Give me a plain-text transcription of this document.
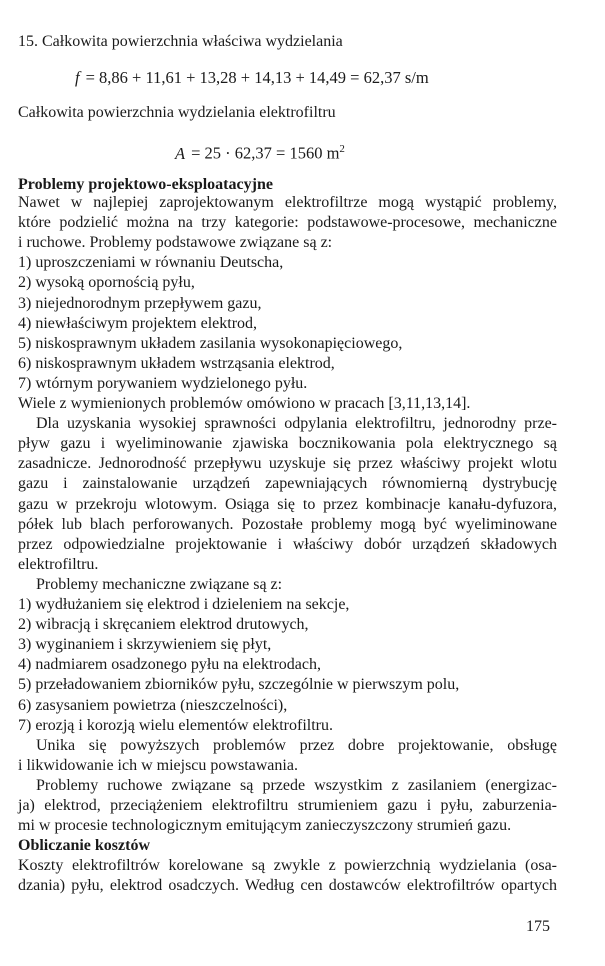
15. Całkowita powierzchnia właściwa wydzielania
f = 8,86 + 11,61 + 13,28 + 14,13 + 14,49 = 62,37 s/m
Całkowita powierzchnia wydzielania elektrofiltru
A = 25 · 62,37 = 1560 $m^2$
Problemy projektowo-eksploatacyjne
Nawet w najlepiej zaprojektowanym elektrofiltrze mogą wystąpić problemy,
które podzielić można na trzy kategorie: podstawowe-procesowe, mechaniczne
i ruchowe. Problemy podstawowe związane są z:
1) uproszczeniami w równaniu Deutscha,
2) wysoką opornością pyłu,
3) niejednorodnym przepływem gazu,
4) niewłaściwym projektem elektrod,
5) niskosprawnym układem zasilania wysokonapięciowego,
6) niskosprawnym układem wstrząsania elektrod,
7) wtórnym porywaniem wydzielonego pyłu.
Wiele z wymienionych problemów omówiono w pracach [3,11,13,14].
Dla uzyskania wysokiej sprawności odpylania elektrofiltru, jednorodny prze-
pływ gazu i wyeliminowanie zjawiska bocznikowania pola elektrycznego są
zasadnicze. Jednorodność przepływu uzyskuje się przez właściwy projekt wlotu
gazu i zainstalowanie urządzeń zapewniających równomierną dystrybucję
gazu w przekroju wlotowym. Osiąga się to przez kombinacje kanału-dyfuzora,
półek lub blach perforowanych. Pozostałe problemy mogą być wyeliminowane
przez odpowiedzialne projektowanie i właściwy dobór urządzeń składowych
elektrofiltru.
Problemy mechaniczne związane są z:
1) wydłużaniem się elektrod i dzieleniem na sekcje,
2) wibracją i skręcaniem elektrod drutowych,
3) wyginaniem i skrzywieniem się płyt,
4) nadmiarem osadzonego pyłu na elektrodach,
5) przeładowaniem zbiorników pyłu, szczególnie w pierwszym polu,
6) zasysaniem powietrza (nieszczelności),
7) erozją i korozją wielu elementów elektrofiltru.
Unika się powyższych problemów przez dobre projektowanie, obsługę
i likwidowanie ich w miejscu powstawania.
Problemy ruchowe związane są przede wszystkim z zasilaniem (energizac-
ja) elektrod, przeciążeniem elektrofiltru strumieniem gazu i pyłu, zaburzenia-
mi w procesie technologicznym emitującym zanieczyszczony strumień gazu.
Obliczanie kosztów
Koszty elektrofiltrów korelowane są zwykle z powierzchnią wydzielania (osa-
dzania) pyłu, elektrod osadczych. Według cen dostawców elektrofiltrów opartych
175
